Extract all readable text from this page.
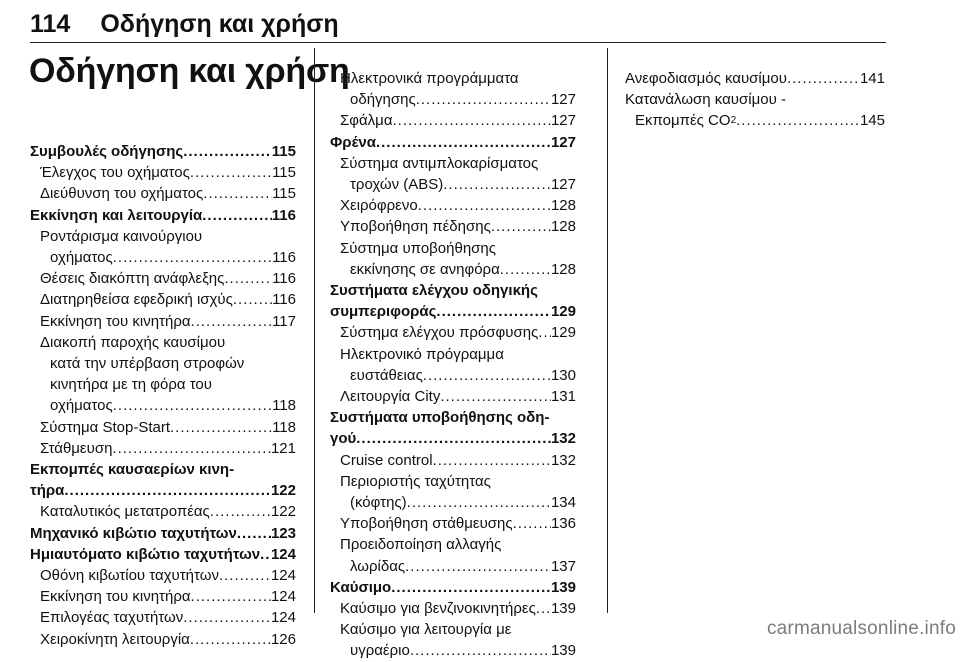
114 Οδήγηση και χρήση
Οδήγηση και χρήση
Συμβουλές οδήγησης .....	115
Έλεγχος του οχήματος .....	115
Διεύθυνση του οχήματος .....	115
Εκκίνηση και λειτουργία .....	116
Ροντάρισμα καινούργιου
οχήματος .....	116
Θέσεις διακόπτη ανάφλεξης .....	116
Διατηρηθείσα εφεδρική ισχύς .....	116
Εκκίνηση του κινητήρα .....	117
Διακοπή παροχής καυσίμου
κατά την υπέρβαση στροφών
κινητήρα με τη φόρα του
οχήματος .....	118
Σύστημα Stop-Start .....	118
Στάθμευση .....	121
Εκπομπές καυσαερίων κινη-
τήρα .....	122
Καταλυτικός μετατροπέας .....	122
Μηχανικό κιβώτιο ταχυτήτων ..... 123
Ημιαυτόματο κιβώτιο ταχυτήτων ..... 124
Οθόνη κιβωτίου ταχυτήτων .....	124
Εκκίνηση του κινητήρα .....	124
Επιλογέας ταχυτήτων .....	124
Χειροκίνητη λειτουργία .....	126
Ηλεκτρονικά προγράμματα
οδήγησης .....	127
Σφάλμα .....	127
Φρένα .....	127
Σύστημα αντιμπλοκαρίσματος
τροχών (ABS) .....	127
Χειρόφρενο .....	128
Υποβοήθηση πέδησης .....	128
Σύστημα υποβοήθησης
εκκίνησης σε ανηφόρα .....	128
Συστήματα ελέγχου οδηγικής
συμπεριφοράς .....	129
Σύστημα ελέγχου πρόσφυσης ..... 129
Ηλεκτρονικό πρόγραμμα
ευστάθειας .....	130
Λειτουργία City .....	131
Συστήματα υποβοήθησης οδη-
γού .....	132
Cruise control .....	132
Περιοριστής ταχύτητας
(κόφτης) .....	134
Υποβοήθηση στάθμευσης .....	136
Προειδοποίηση αλλαγής
λωρίδας .....	137
Καύσιμο .....	139
Καύσιμο για βενζινοκινητήρες ..... 139
Καύσιμο για λειτουργία με
υγραέριο .....	139
Ανεφοδιασμός καυσίμου .....	141
Κατανάλωση καυσίμου -
Εκπομπές CO 2 .....	145
carmanualsonline.info
